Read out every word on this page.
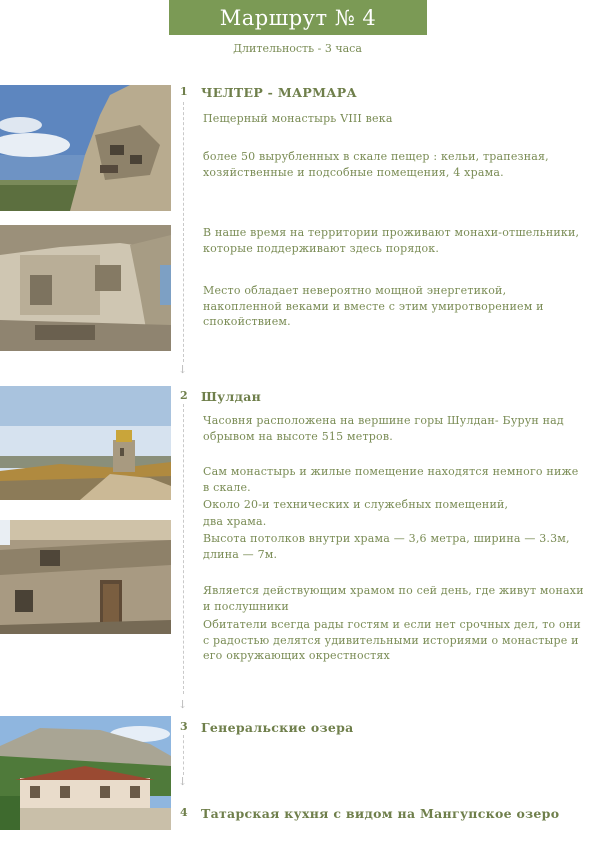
Маршрут № 4
Длительность - 3 часа
↓
↓
↓
1 ЧЕЛТЕР - МАРМАРА

Пещерный монастырь VIII века

более 50 вырубленных в скале пещер : кельи, трапезная, хозяйственные и подсобные помещения, 4 храма.

В наше время на территории проживают монахи-отшельники, которые поддерживают здесь порядок.

Место обладает невероятно мощной энергетикой, накопленной веками и вместе с этим умиротворением и спокойствием.

2 Шулдан

Часовня расположена на вершине горы Шулдан- Бурун над обрывом на высоте 515 метров.

Сам монастырь и жилые помещение находятся немного ниже в скале.

Около 20-и технических и служебных помещений,

два храма.

Высота потолков внутри храма — 3,6 метра, ширина — 3.3м, длина — 7м.

Является действующим храмом по сей день, где живут монахи и послушники

Обитатели всегда рады гостям и если нет срочных дел, то они с радостью делятся удивительными историями о монастыре и его окружающих окрестностях

3 Генеральские озера
4 Татарская кухня с видом на Мангупское озеро
